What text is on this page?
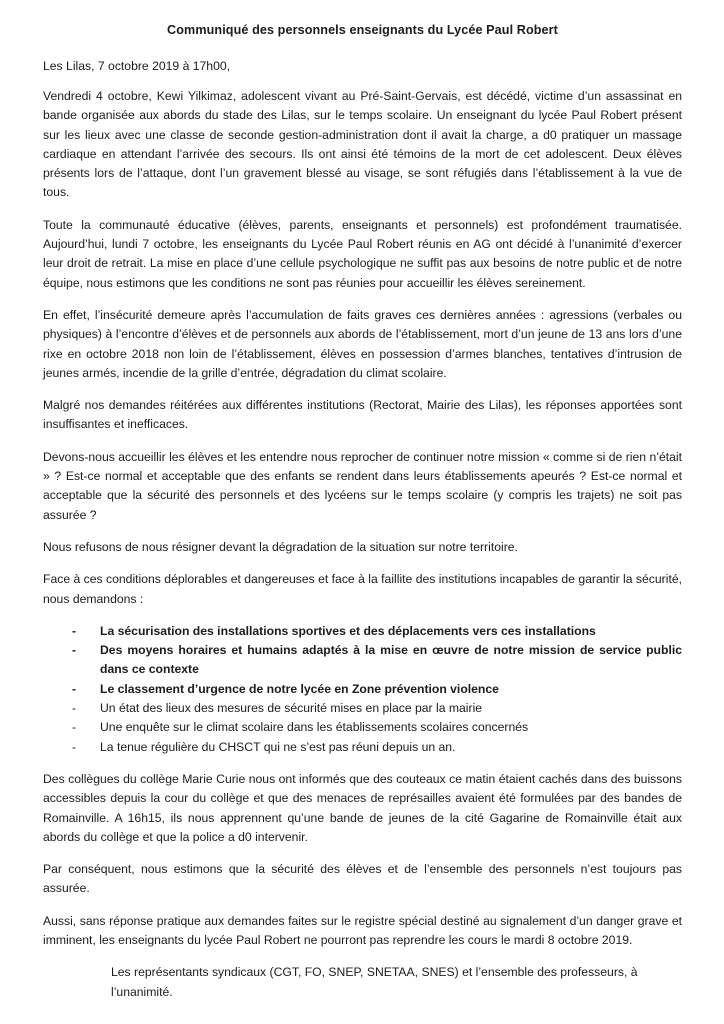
Communiqué des personnels enseignants du Lycée Paul Robert

Les Lilas, 7 octobre 2019 à 17h00,

Vendredi 4 octobre, Kewi Yilkimaz, adolescent vivant au Pré-Saint-Gervais, est décédé, victime d’un assassinat en bande organisée aux abords du stade des Lilas, sur le temps scolaire. Un enseignant du lycée Paul Robert présent sur les lieux avec une classe de seconde gestion-administration dont il avait la charge, a d0 pratiquer un massage cardiaque en attendant l’arrivée des secours. Ils ont ainsi été témoins de la mort de cet adolescent. Deux élèves présents lors de l’attaque, dont l’un gravement blessé au visage, se sont réfugiés dans l’établissement à la vue de tous.

Toute la communauté éducative (élèves, parents, enseignants et personnels) est profondément traumatisée. Aujourd’hui, lundi 7 octobre, les enseignants du Lycée Paul Robert réunis en AG ont décidé à l’unanimité d’exercer leur droit de retrait. La mise en place d’une cellule psychologique ne suffit pas aux besoins de notre public et de notre équipe, nous estimons que les conditions ne sont pas réunies pour accueillir les élèves sereinement.

En effet, l’insécurité demeure après l’accumulation de faits graves ces dernières années : agressions (verbales ou physiques) à l’encontre d’élèves et de personnels aux abords de l’établissement, mort d’un jeune de 13 ans lors d’une rixe en octobre 2018 non loin de l’établissement, élèves en possession d’armes blanches, tentatives d’intrusion de jeunes armés, incendie de la grille d’entrée, dégradation du climat scolaire.

Malgré nos demandes réitérées aux différentes institutions (Rectorat, Mairie des Lilas), les réponses apportées sont insuffisantes et inefficaces.

Devons-nous accueillir les élèves et les entendre nous reprocher de continuer notre mission « comme si de rien n’était » ? Est-ce normal et acceptable que des enfants se rendent dans leurs établissements apeurés ? Est-ce normal et acceptable que la sécurité des personnels et des lycéens sur le temps scolaire (y compris les trajets) ne soit pas assurée ?

Nous refusons de nous résigner devant la dégradation de la situation sur notre territoire.

Face à ces conditions déplorables et dangereuses et face à la faillite des institutions incapables de garantir la sécurité, nous demandons :

-	La sécurisation des installations sportives et des déplacements vers ces installations
-	Des moyens horaires et humains adaptés à la mise en œuvre de notre mission de service public dans ce contexte
-	Le classement d’urgence de notre lycée en Zone prévention violence
-	Un état des lieux des mesures de sécurité mises en place par la mairie
-	Une enquête sur le climat scolaire dans les établissements scolaires concernés
-	La tenue régulière du CHSCT qui ne s’est pas réuni depuis un an.

Des collègues du collège Marie Curie nous ont informés que des couteaux ce matin étaient cachés dans des buissons accessibles depuis la cour du collège et que des menaces de représailles avaient été formulées par des bandes de Romainville. A 16h15, ils nous apprennent qu’une bande de jeunes de la cité Gagarine de Romainville était aux abords du collège et que la police a d0 intervenir.

Par conséquent, nous estimons que la sécurité des élèves et de l’ensemble des personnels n’est toujours pas assurée.

Aussi, sans réponse pratique aux demandes faites sur le registre spécial destiné au signalement d’un danger grave et imminent, les enseignants du lycée Paul Robert ne pourront pas reprendre les cours le mardi 8 octobre 2019.

Les représentants syndicaux (CGT, FO, SNEP, SNETAA, SNES) et l’ensemble des professeurs, à l’unanimité.
